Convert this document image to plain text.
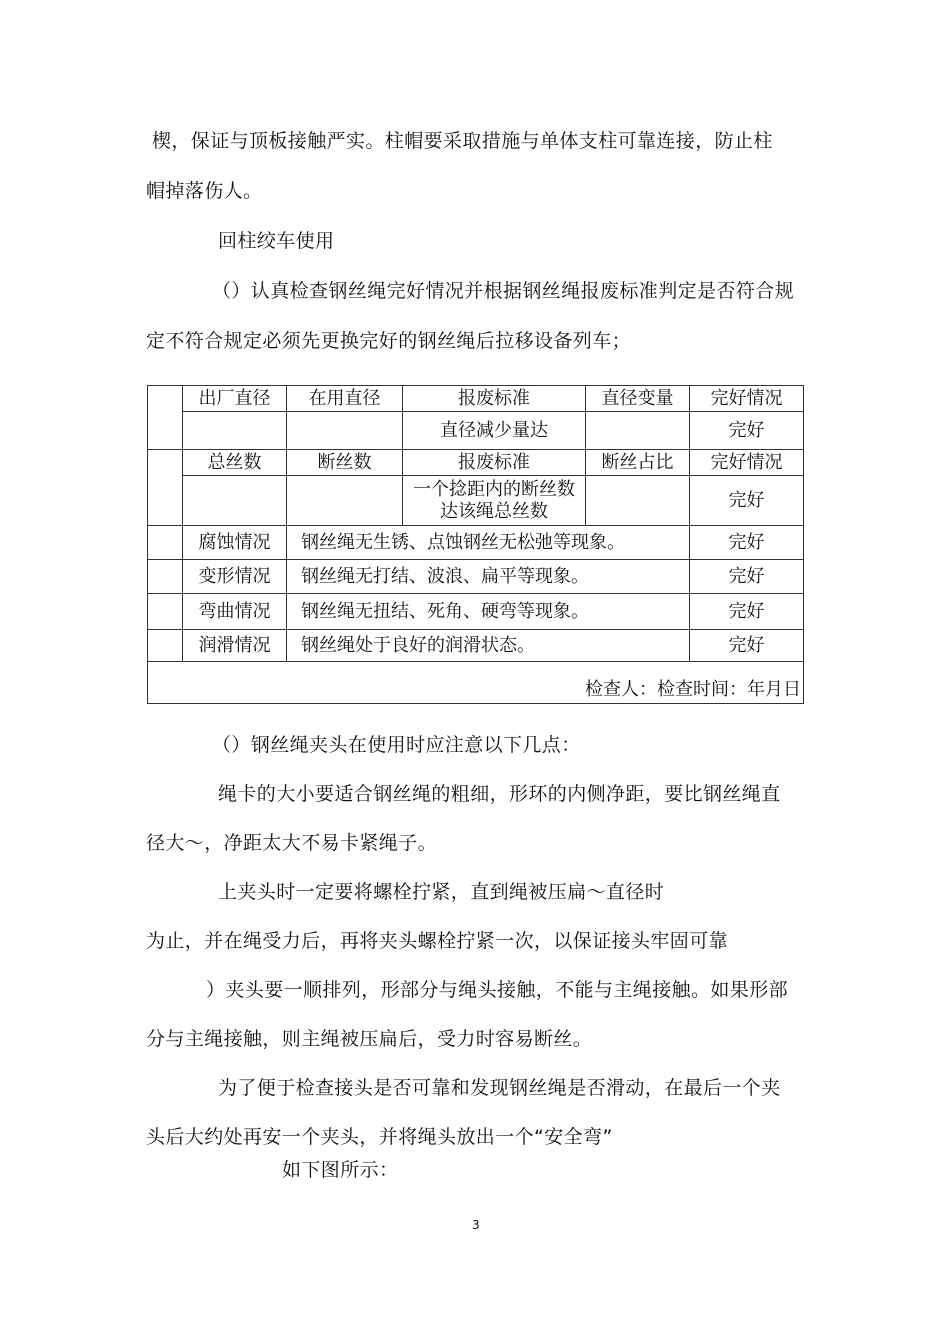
楔，保证与顶板接触严实。柱帽要采取措施与单体支柱可靠连接，防止柱
帽掉落伤人。
回柱绞车使用
（）认真检查钢丝绳完好情况并根据钢丝绳报废标准判定是否符合规
定不符合规定必须先更换完好的钢丝绳后拉移设备列车；
	出厂直径	在用直径	报废标准	直径变量	完好情况
			直径减少量达		完好
	总丝数	断丝数	报废标准	断丝占比	完好情况

			一个捻距内的断丝数
达该绳总丝数		完好
	腐蚀情况	钢丝绳无生锈、点蚀钢丝无松弛等现象。			完好
	变形情况	钢丝绳无打结、波浪、扁平等现象。			完好
	弯曲情况	钢丝绳无扭结、死角、硬弯等现象。			完好
	润滑情况	钢丝绳处于良好的润滑状态。			完好
检查人：检查时间：年月日					
（）钢丝绳夹头在使用时应注意以下几点：
绳卡的大小要适合钢丝绳的粗细，形环的内侧净距，要比钢丝绳直
径大～，净距太大不易卡紧绳子。
上夹头时一定要将螺栓拧紧，直到绳被压扁～直径时
为止，并在绳受力后，再将夹头螺栓拧紧一次，以保证接头牢固可靠
）夹头要一顺排列，形部分与绳头接触，不能与主绳接触。如果形部
分与主绳接触，则主绳被压扁后，受力时容易断丝。
为了便于检查接头是否可靠和发现钢丝绳是否滑动，在最后一个夹
头后大约处再安一个夹头，并将绳头放出一个“安全弯”
如下图所示：
3
